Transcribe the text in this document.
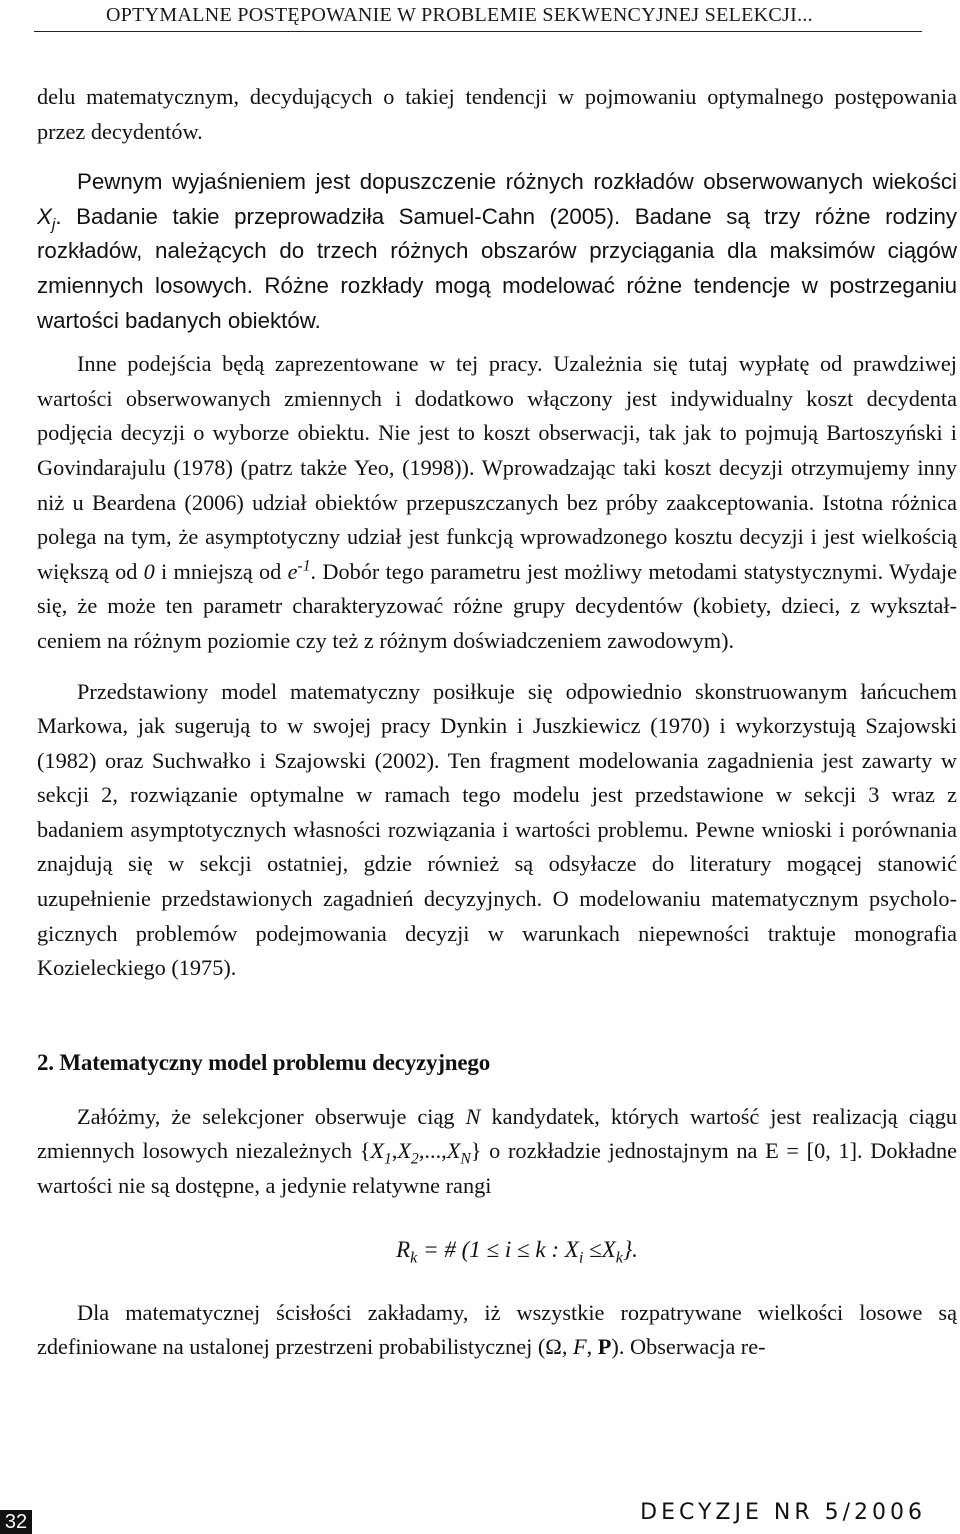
OPTYMALNE POSTĘPOWANIE W PROBLEMIE SEKWENCYJNEJ SELEKCJI...

delu matematycznym, decydujących o takiej tendencji w pojmowaniu optymalnego postępowania przez decydentów.

Pewnym wyjaśnieniem jest dopuszczenie różnych rozkładów obserwowanych wiekości $X_j$. Badanie takie przeprowadziła Samuel-Cahn (2005). Badane są trzy różne rodziny rozkładów, należących do trzech różnych obszarów przyciągania dla maksimów ciągów zmiennych losowych. Różne rozkłady mogą modelować różne tendencje w postrzeganiu wartości badanych obiektów.

Inne podejścia będą zaprezentowane w tej pracy. Uzależnia się tutaj wypłatę od prawdziwej wartości obserwowanych zmiennych i dodatkowo włączony jest indywidualny koszt decydenta podjęcia decyzji o wyborze obiektu. Nie jest to koszt obserwacji, tak jak to pojmują Bartoszyński i Govindarajulu (1978) (patrz także Yeo, (1998)). Wprowadzając taki koszt decyzji otrzymujemy inny niż u Beardena (2006) udział obiektów przepuszczanych bez próby zaakceptowania. Istotna różnica polega na tym, że asymptotyczny udział jest funkcją wprowadzonego kosztu decyzji i jest wielkością większą od 0 i mniejszą od $e^{-1}$. Dobór tego parametru jest możliwy metodami statystycznymi. Wydaje się, że może ten parametr charakteryzować różne grupy decydentów (kobiety, dzieci, z wykształceniem na różnym poziomie czy też z różnym doświadczeniem zawodowym).

Przedstawiony model matematyczny posiłkuje się odpowiednio skonstruowanym łańcuchem Markowa, jak sugerują to w swojej pracy Dynkin i Juszkiewicz (1970) i wykorzystują Szajowski (1982) oraz Suchwałko i Szajowski (2002). Ten fragment modelowania zagadnienia jest zawarty w sekcji 2, rozwiązanie optymalne w ramach tego modelu jest przedstawione w sekcji 3 wraz z badaniem asymptotycznych własności rozwiązania i wartości problemu. Pewne wnioski i porównania znajdują się w sekcji ostatniej, gdzie również są odsyłacze do literatury mogącej stanowić uzupełnienie przedstawionych zagadnień decyzyjnych. O modelowaniu matematycznym psychologicznych problemów podejmowania decyzji w warunkach niepewności traktuje monografia Kozieleckiego (1975).

2. Matematyczny model problemu decyzyjnego

Załóżmy, że selekcjoner obserwuje ciąg N kandydatek, których wartość jest realizacją ciągu zmiennych losowych niezależnych $\{X_1,X_2,...,X_N\}$ o rozkładzie jednostajnym na E = [0, 1]. Dokładne wartości nie są dostępne, a jedynie relatywne rangi

$R_k$ = # (1 ≤ i ≤ k : $X_i \le X_k$}.

Dla matematycznej ścisłości zakładamy, iż wszystkie rozpatrywane wielkości losowe są zdefiniowane na ustalonej przestrzeni probabilistycznej (Ω, F, P). Obserwacja re-

32	DECYZJE NR 5/2006
